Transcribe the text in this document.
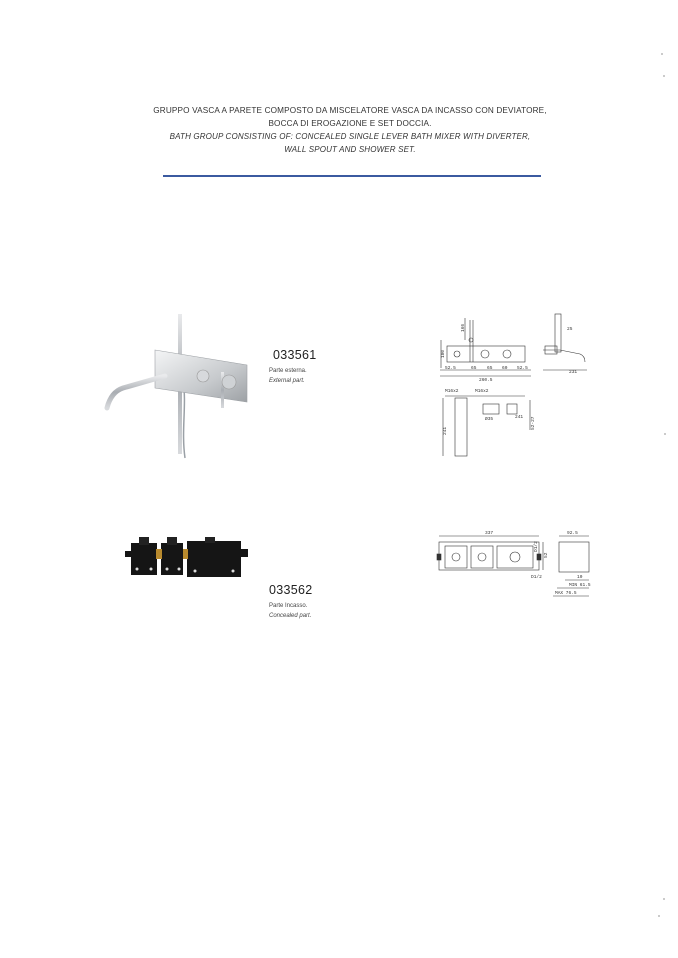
GRUPPO VASCA A PARETE COMPOSTO DA MISCELATORE VASCA DA INCASSO CON DEVIATORE,
BOCCA DI EROGAZIONE E SET DOCCIA.
BATH GROUP CONSISTING OF: CONCEALED SINGLE LEVER BATH MIXER WITH DIVERTER,
WALL SPOUT AND SHOWER SET.
033561
Parte esterna.
External part.
166
100
52.5	65 65 60 52.5
260.5
25
231
M16x2	M16x2
Ø35
241
241 52-27
033562
Parte Incasso.
Concealed part.
337
52
D1/2
D1/2
92.5
10
MIN 61.5
MAX 76.5
